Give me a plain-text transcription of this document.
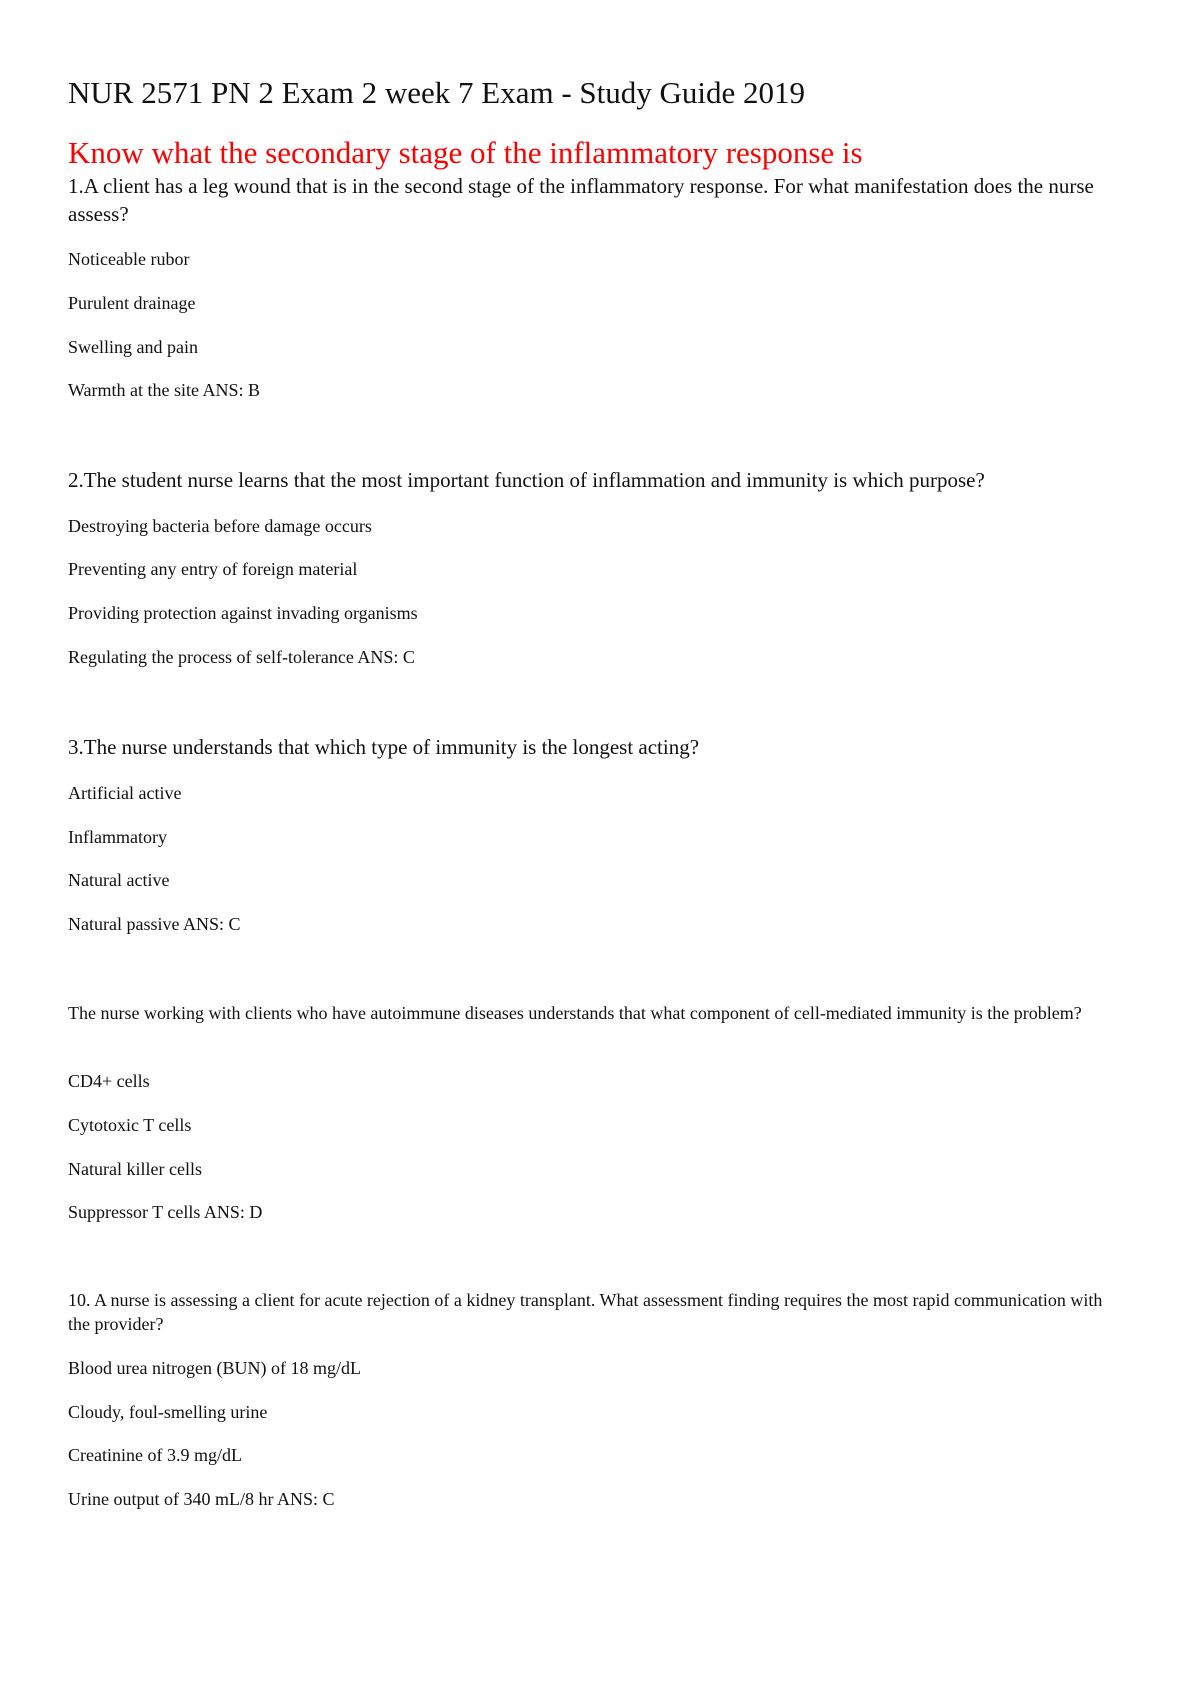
NUR 2571 PN 2 Exam 2 week 7 Exam - Study Guide 2019
Know what the secondary stage of the inflammatory response is

1.A client has a leg wound that is in the second stage of the inflammatory response. For what manifestation does the nurse assess?

Noticeable rubor

Purulent drainage

Swelling and pain

Warmth at the site ANS: B

2.The student nurse learns that the most important function of inflammation and immunity is which purpose?

Destroying bacteria before damage occurs

Preventing any entry of foreign material

Providing protection against invading organisms

Regulating the process of self-tolerance ANS: C

3.The nurse understands that which type of immunity is the longest acting?

Artificial active

Inflammatory

Natural active

Natural passive ANS: C

The nurse working with clients who have autoimmune diseases understands that what component of cell-mediated immunity is the problem?

CD4+ cells

Cytotoxic T cells

Natural killer cells

Suppressor T cells ANS: D

10. A nurse is assessing a client for acute rejection of a kidney transplant. What assessment finding requires the most rapid communication with the provider?

Blood urea nitrogen (BUN) of 18 mg/dL

Cloudy, foul-smelling urine

Creatinine of 3.9 mg/dL

Urine output of 340 mL/8 hr ANS: C
